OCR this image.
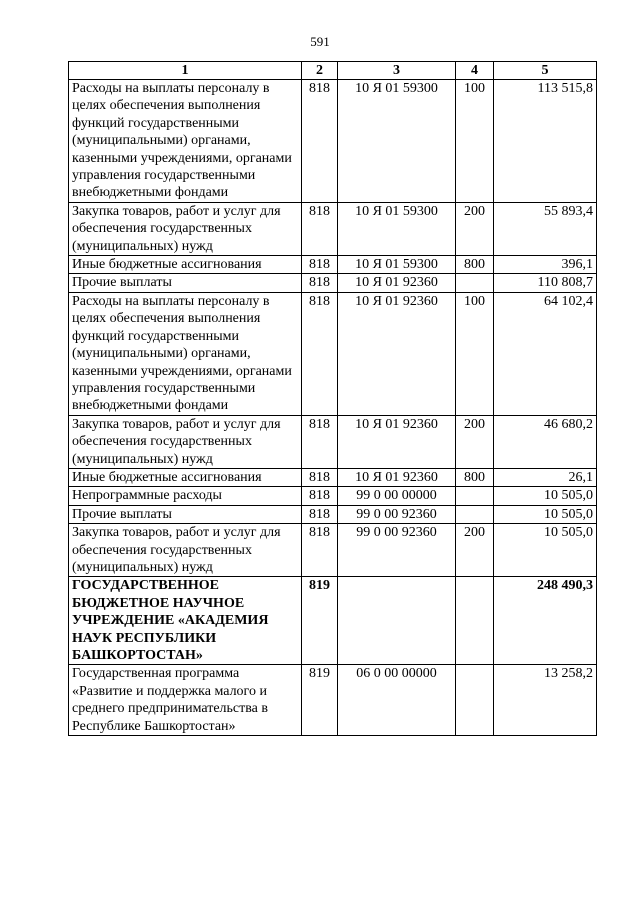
591
1	2	3	4	5
Расходы на выплаты персоналу в целях обеспечения выполнения функций государственными (муниципальными) органами, казенными учреждениями, органами управления государственными внебюджетными фондами	818	10 Я 01 59300	100	113 515,8
Закупка товаров, работ и услуг для обеспечения государственных (муниципальных) нужд	818	10 Я 01 59300	200	55 893,4
Иные бюджетные ассигнования	818	10 Я 01 59300	800	396,1
Прочие выплаты	818	10 Я 01 92360		110 808,7
Расходы на выплаты персоналу в целях обеспечения выполнения функций государственными (муниципальными) органами, казенными учреждениями, органами управления государственными внебюджетными фондами	818	10 Я 01 92360	100	64 102,4
Закупка товаров, работ и услуг для обеспечения государственных (муниципальных) нужд	818	10 Я 01 92360	200	46 680,2
Иные бюджетные ассигнования	818	10 Я 01 92360	800	26,1
Непрограммные расходы	818	99 0 00 00000		10 505,0
Прочие выплаты	818	99 0 00 92360		10 505,0
Закупка товаров, работ и услуг для обеспечения государственных (муниципальных) нужд	818	99 0 00 92360	200	10 505,0
ГОСУДАРСТВЕННОЕ БЮДЖЕТНОЕ НАУЧНОЕ УЧРЕЖДЕНИЕ «АКАДЕМИЯ НАУК РЕСПУБЛИКИ БАШКОРТОСТАН»	819			248 490,3
Государственная программа «Развитие и поддержка малого и среднего предпринимательства в Республике Башкортостан»	819	06 0 00 00000		13 258,2
